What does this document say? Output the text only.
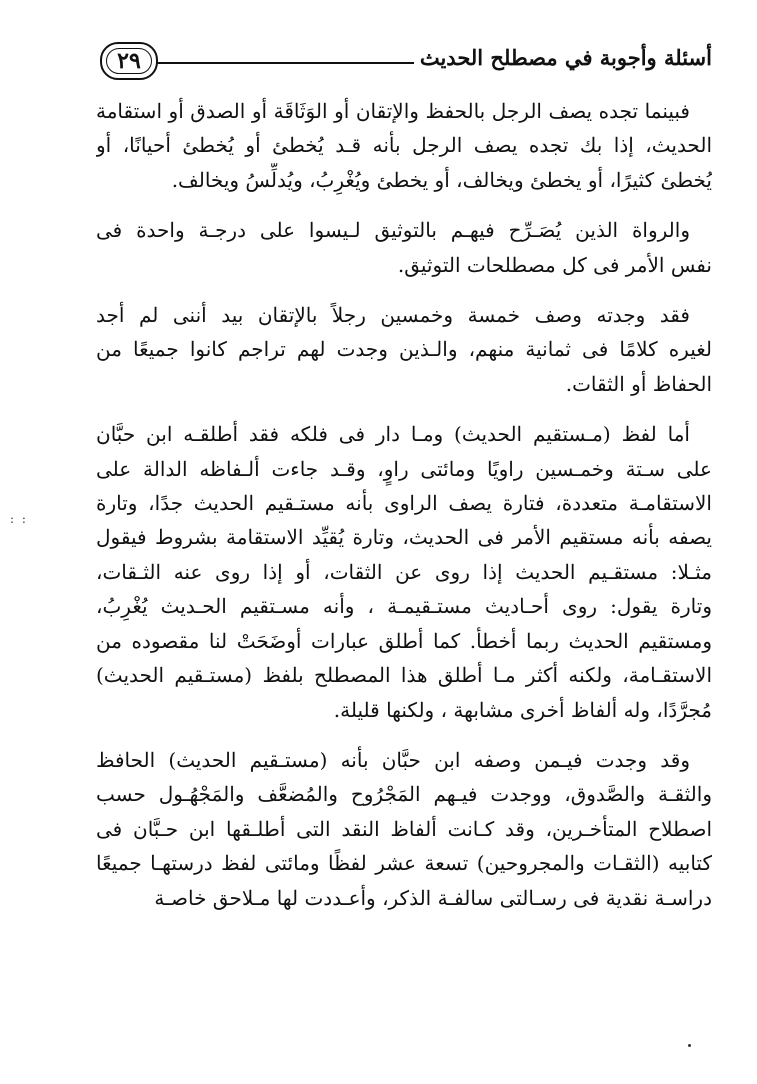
٢٩	أسئلة وأجوبة في مصطلح الحديث
فبينما تجده يصف الرجل بالحفظ والإتقان أو الوَثَاقَة أو الصدق أو استقامة
الحديث، إذا بك تجده يصف الرجل بأنه قـد يُخطئ أو يُخطئ أحيانًا، أو
يُخطئ كثيرًا، أو يخطئ ويخالف، أو يخطئ ويُغْرِبُ، ويُدلِّسُ ويخالف.
والرواة الذين يُصَـرِّح فيهـم بالتوثيق لـيسوا على درجـة واحدة فى
نفس الأمر فى كل مصطلحات التوثيق.
فقد وجدته وصف خمسة وخمسين رجلاً بالإتقان بيد أننى لم أجد
لغيره كلامًا فى ثمانية منهم، والـذين وجدت لهم تراجم كانوا جميعًا من
الحفاظ أو الثقات.
أما لفظ (مـستقيم الحديث) ومـا دار فى فلكه فقد أطلقـه ابن حبَّان
على سـتة وخمـسين راويًا ومائتى راوٍ، وقـد جاءت ألـفاظه الدالة على
الاستقامـة متعددة، فتارة يصف الراوى بأنه مستـقيم الحديث جدًا، وتارة
يصفه بأنه مستقيم الأمر فى الحديث، وتارة يُقيِّد الاستقامة بشروط فيقول
مثـلا: مستقـيم الحديث إذا روى عن الثقات، أو إذا روى عنه الثـقات،
وتارة يقول: روى أحـاديث مستـقيمـة ، وأنه مسـتقيم الحـديث يُغْرِبُ،
ومستقيم الحديث ربما أخطأ. كما أطلق عبارات أوضَحَتْ لنا مقصوده من
الاستقـامة، ولكنه أكثر مـا أطلق هذا المصطلح بلفظ (مستـقيم الحديث)
مُجرَّدًا، وله ألفاظ أخرى مشابهة ، ولكنها قليلة.
وقد وجدت فيـمن وصفه ابن حبَّان بأنه (مستـقيم الحديث) الحافظ
والثقـة والصَّدوق، ووجدت فيـهم المَجْرُوح والمُضعَّف والمَجْهُـول حسب
اصطلاح المتأخـرين، وقد كـانت ألفاظ النقد التى أطلـقها ابن حـبَّان فى
كتابيه (الثقـات والمجروحين) تسعة عشر لفظًا ومائتى لفظ درستهـا جميعًا
دراسـة نقدية فى رسـالتى سالفـة الذكر، وأعـددت لها مـلاحق خاصـة
: :
